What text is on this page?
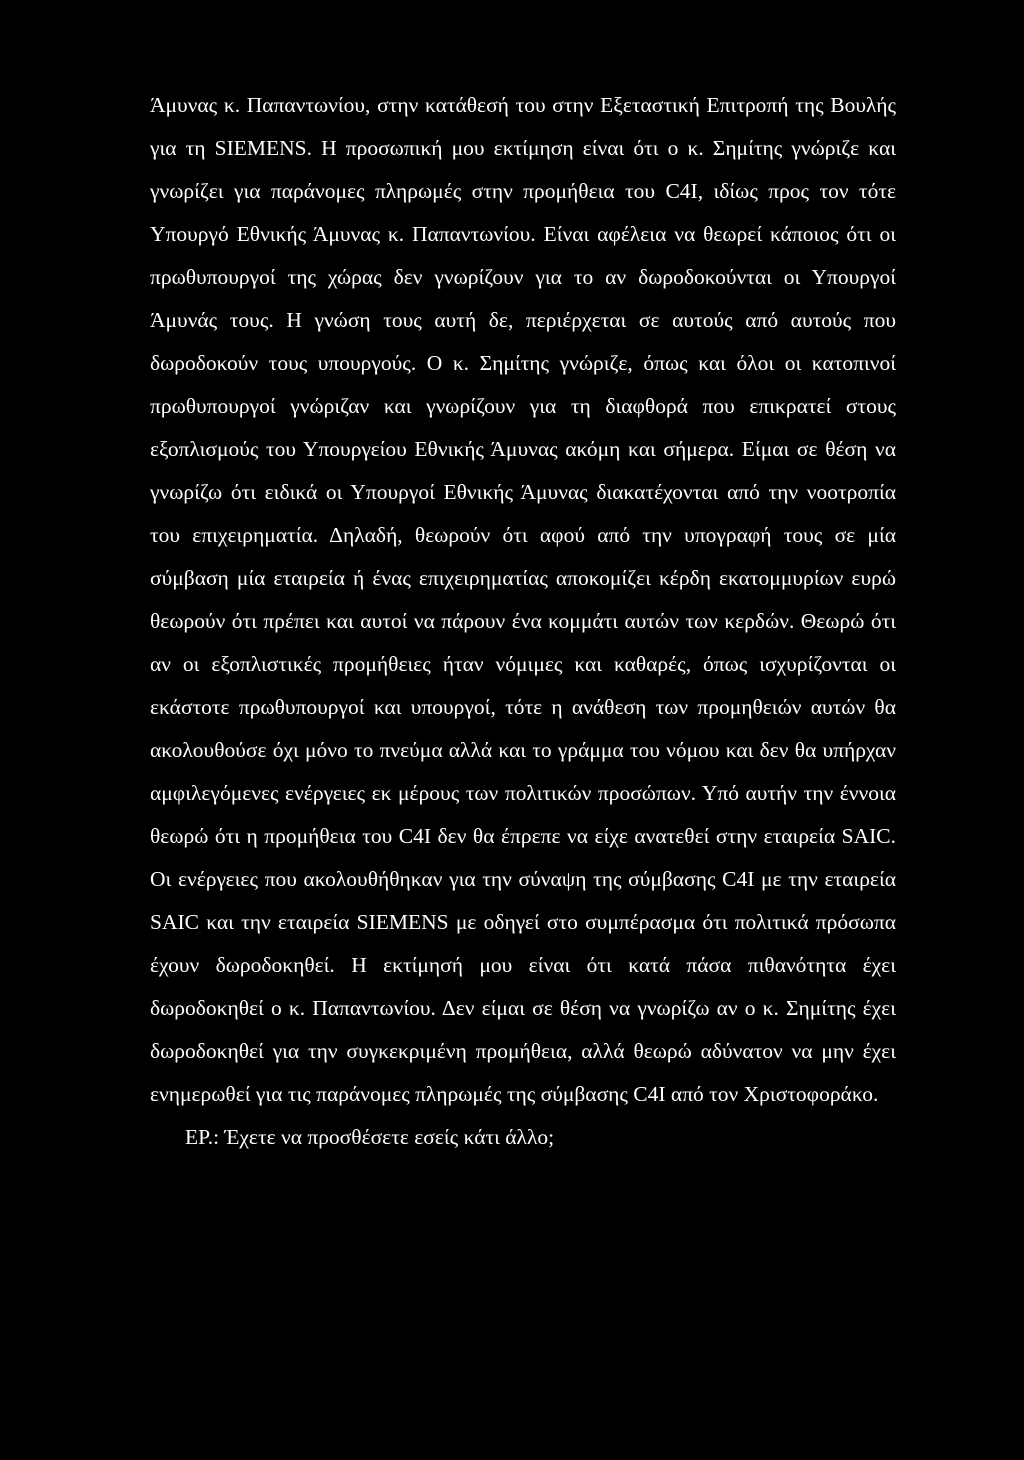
Άμυνας κ. Παπαντωνίου, στην κατάθεσή του στην Εξεταστική Επιτροπή της Βουλής για τη SIEMENS. Η προσωπική μου εκτίμηση είναι ότι ο κ. Σημίτης γνώριζε και γνωρίζει για παράνομες πληρωμές στην προμήθεια του C4I, ιδίως προς τον τότε Υπουργό Εθνικής Άμυνας κ. Παπαντωνίου. Είναι αφέλεια να θεωρεί κάποιος ότι οι πρωθυπουργοί της χώρας δεν γνωρίζουν για το αν δωροδοκούνται οι Υπουργοί Άμυνάς τους. Η γνώση τους αυτή δε, περιέρχεται σε αυτούς από αυτούς που δωροδοκούν τους υπουργούς. Ο κ. Σημίτης γνώριζε, όπως και όλοι οι κατοπινοί πρωθυπουργοί γνώριζαν και γνωρίζουν για τη διαφθορά που επικρατεί στους εξοπλισμούς του Υπουργείου Εθνικής Άμυνας ακόμη και σήμερα. Είμαι σε θέση να γνωρίζω ότι ειδικά οι Υπουργοί Εθνικής Άμυνας διακατέχονται από την νοοτροπία του επιχειρηματία. Δηλαδή, θεωρούν ότι αφού από την υπογραφή τους σε μία σύμβαση μία εταιρεία ή ένας επιχειρηματίας αποκομίζει κέρδη εκατομμυρίων ευρώ θεωρούν ότι πρέπει και αυτοί να πάρουν ένα κομμάτι αυτών των κερδών. Θεωρώ ότι αν οι εξοπλιστικές προμήθειες ήταν νόμιμες και καθαρές, όπως ισχυρίζονται οι εκάστοτε πρωθυπουργοί και υπουργοί, τότε η ανάθεση των προμηθειών αυτών θα ακολουθούσε όχι μόνο το πνεύμα αλλά και το γράμμα του νόμου και δεν θα υπήρχαν αμφιλεγόμενες ενέργειες εκ μέρους των πολιτικών προσώπων. Υπό αυτήν την έννοια θεωρώ ότι η προμήθεια του C4I δεν θα έπρεπε να είχε ανατεθεί στην εταιρεία SAIC. Οι ενέργειες που ακολουθήθηκαν για την σύναψη της σύμβασης C4I με την εταιρεία SAIC και την εταιρεία SIEMENS με οδηγεί στο συμπέρασμα ότι πολιτικά πρόσωπα έχουν δωροδοκηθεί. Η εκτίμησή μου είναι ότι κατά πάσα πιθανότητα έχει δωροδοκηθεί ο κ. Παπαντωνίου. Δεν είμαι σε θέση να γνωρίζω αν ο κ. Σημίτης έχει δωροδοκηθεί για την συγκεκριμένη προμήθεια, αλλά θεωρώ αδύνατον να μην έχει ενημερωθεί για τις παράνομες πληρωμές της σύμβασης C4I από τον Χριστοφοράκο.

ΕΡ.: Έχετε να προσθέσετε εσείς κάτι άλλο;
